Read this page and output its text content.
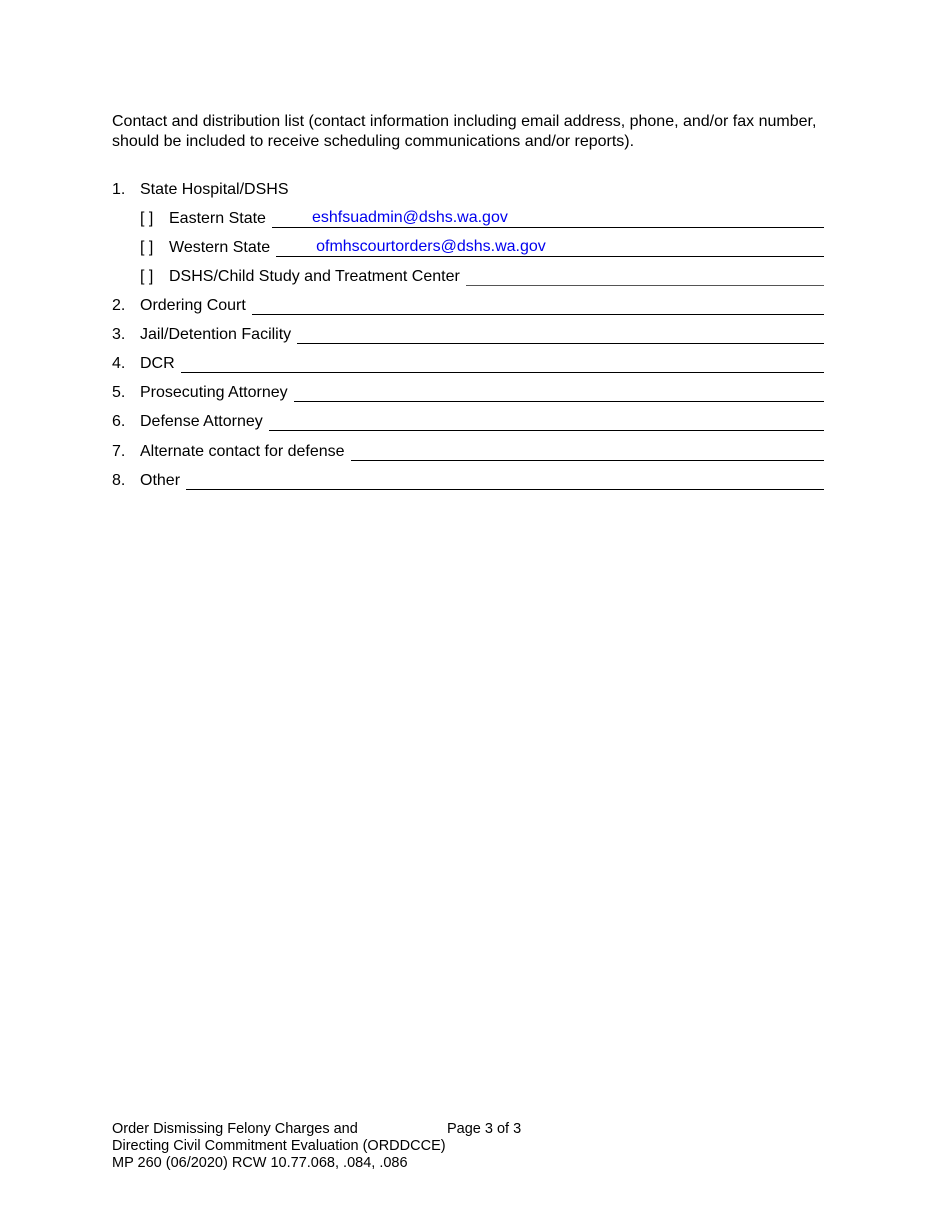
Contact and distribution list (contact information including email address, phone, and/or fax number, should be included to receive scheduling communications and/or reports).

1. State Hospital/DSHS
[ ] Eastern State	eshfsuadmin@dshs.wa.gov
[ ] Western State	ofmhscourtorders@dshs.wa.gov
[ ] DSHS/Child Study and Treatment Center
2. Ordering Court
3. Jail/Detention Facility
4. DCR
5. Prosecuting Attorney
6. Defense Attorney
7. Alternate contact for defense
8. Other
Order Dismissing Felony Charges and
Directing Civil Commitment Evaluation (ORDDCCE)
MP 260 (06/2020) RCW 10.77.068, .084, .086
Page 3 of 3
